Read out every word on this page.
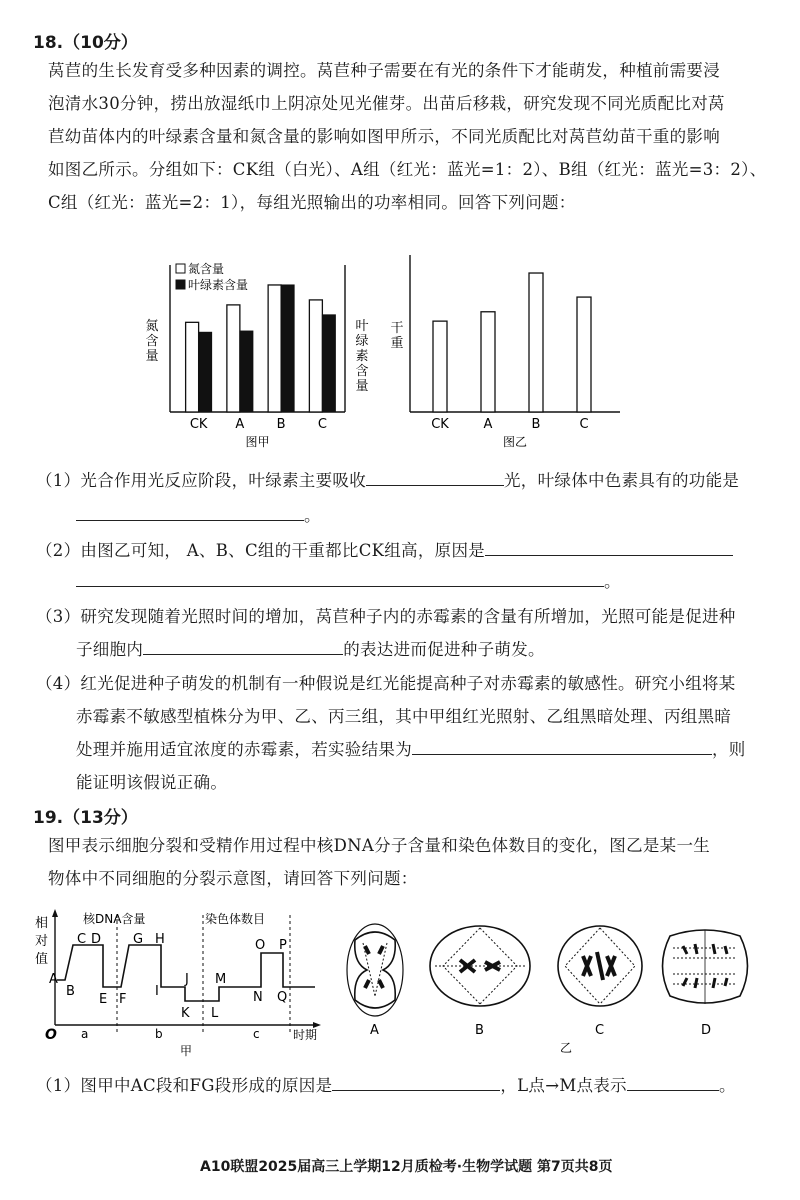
18.（10分）
莴苣的生长发育受多种因素的调控。莴苣种子需要在有光的条件下才能萌发，种植前需要浸
泡清水30分钟，捞出放湿纸巾上阴凉处见光催芽。出苗后移栽，研究发现不同光质配比对莴
苣幼苗体内的叶绿素含量和氮含量的影响如图甲所示，不同光质配比对莴苣幼苗干重的影响
如图乙所示。分组如下：CK组（白光）、A组（红光：蓝光=1：2）、B组（红光：蓝光=3：2）、
C组（红光：蓝光=2：1），每组光照输出的功率相同。回答下列问题：
氮
含
量
叶
绿
素
含
量
氮含量
叶绿素含量
CK A B C
图甲
干
重
CK	A	B	C
图乙
（1）光合作用光反应阶段，叶绿素主要吸收	光，叶绿体中色素具有的功能是
。
（2）由图乙可知， A、B、C组的干重都比CK组高，原因是
。
（3）研究发现随着光照时间的增加，莴苣种子内的赤霉素的含量有所增加，光照可能是促进种
子细胞内	的表达进而促进种子萌发。
（4）红光促进种子萌发的机制有一种假说是红光能提高种子对赤霉素的敏感性。研究小组将某
赤霉素不敏感型植株分为甲、乙、丙三组，其中甲组红光照射、乙组黑暗处理、丙组黑暗
处理并施用适宜浓度的赤霉素，若实验结果为	，则
能证明该假说正确。
19.（13分）
图甲表示细胞分裂和受精作用过程中核DNA分子含量和染色体数目的变化，图乙是某一生
物体中不同细胞的分裂示意图，请回答下列问题：
相
对
值
O	时期
核DNA含量	染色体数目
A
B
C D
E F
G H
I
J
K L
M
N
O P
Q
a	b	c
甲
A	B	C	D
乙
（1）图甲中AC段和FG段形成的原因是	，L点→M点表示	。
A10联盟2025届高三上学期12月质检考·生物学试题 第7页共8页
